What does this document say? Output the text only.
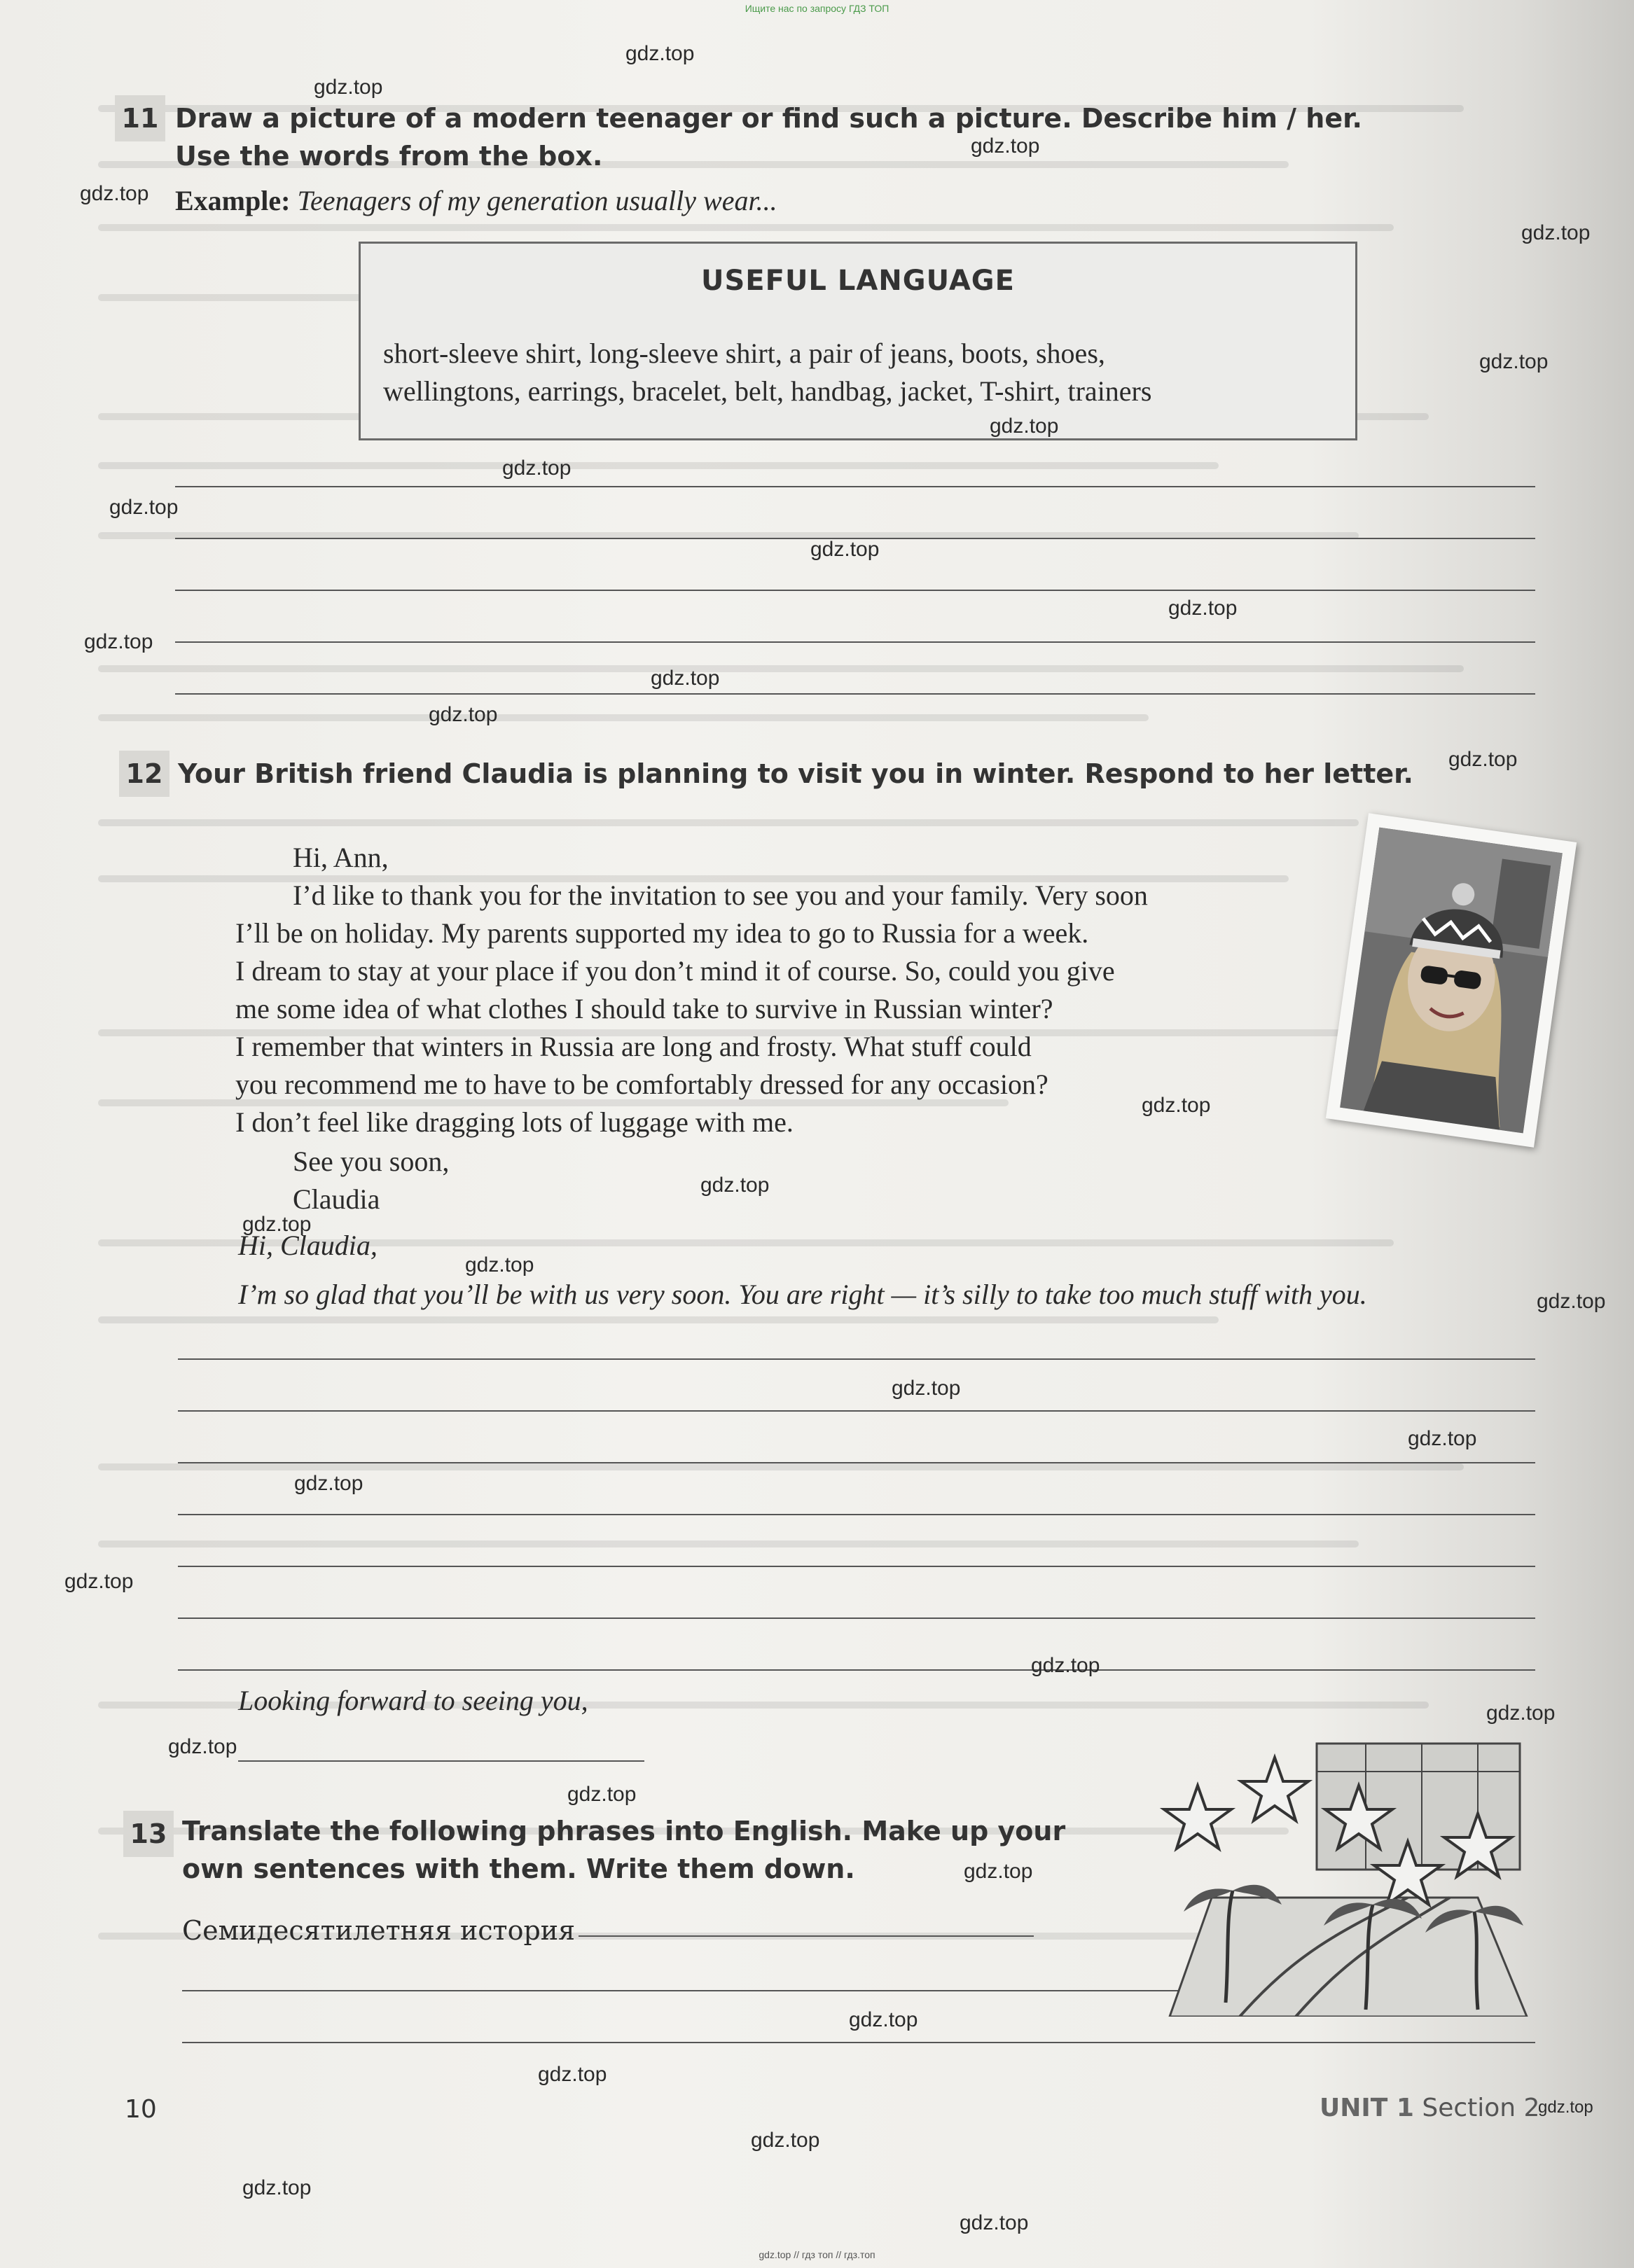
Ищите нас по запросу ГДЗ ТОП
11 Draw a picture of a modern teenager or find such a picture. Describe him / her.
Use the words from the box.
Example: Teenagers of my generation usually wear...
USEFUL LANGUAGE
short-sleeve shirt, long-sleeve shirt, a pair of jeans, boots, shoes,
wellingtons, earrings, bracelet, belt, handbag, jacket, T-shirt, trainers
12 Your British friend Claudia is planning to visit you in winter. Respond to her letter.
Hi, Ann,
I’d like to thank you for the invitation to see you and your family. Very soon
I’ll be on holiday. My parents supported my idea to go to Russia for a week.
I dream to stay at your place if you don’t mind it of course. So, could you give
me some idea of what clothes I should take to survive in Russian winter?
I remember that winters in Russia are long and frosty. What stuff could
you recommend me to have to be comfortably dressed for any occasion?
I don’t feel like dragging lots of luggage with me.
See you soon,
Claudia
Hi, Claudia,
I’m so glad that you’ll be with us very soon. You are right — it’s silly to take too much stuff with you.
Looking forward to seeing you,
13 Translate the following phrases into English. Make up your
own sentences with them. Write them down.
Семидесятилетняя история
10	UNIT 1 Section 2
gdz.top
gdz.top
gdz.top
gdz.top
gdz.top
gdz.top
gdz.top
gdz.top
gdz.top
gdz.top
gdz.top
gdz.top
gdz.top
gdz.top
gdz.top
gdz.top
gdz.top
gdz.top
gdz.top
gdz.top
gdz.top
gdz.top
gdz.top
gdz.top
gdz.top
gdz.top
gdz.top
gdz.top
gdz.top
gdz.top
gdz.top
gdz.top
gdz.top
gdz.top
gdz.top
gdz.top // гдз топ // гдз.топ
